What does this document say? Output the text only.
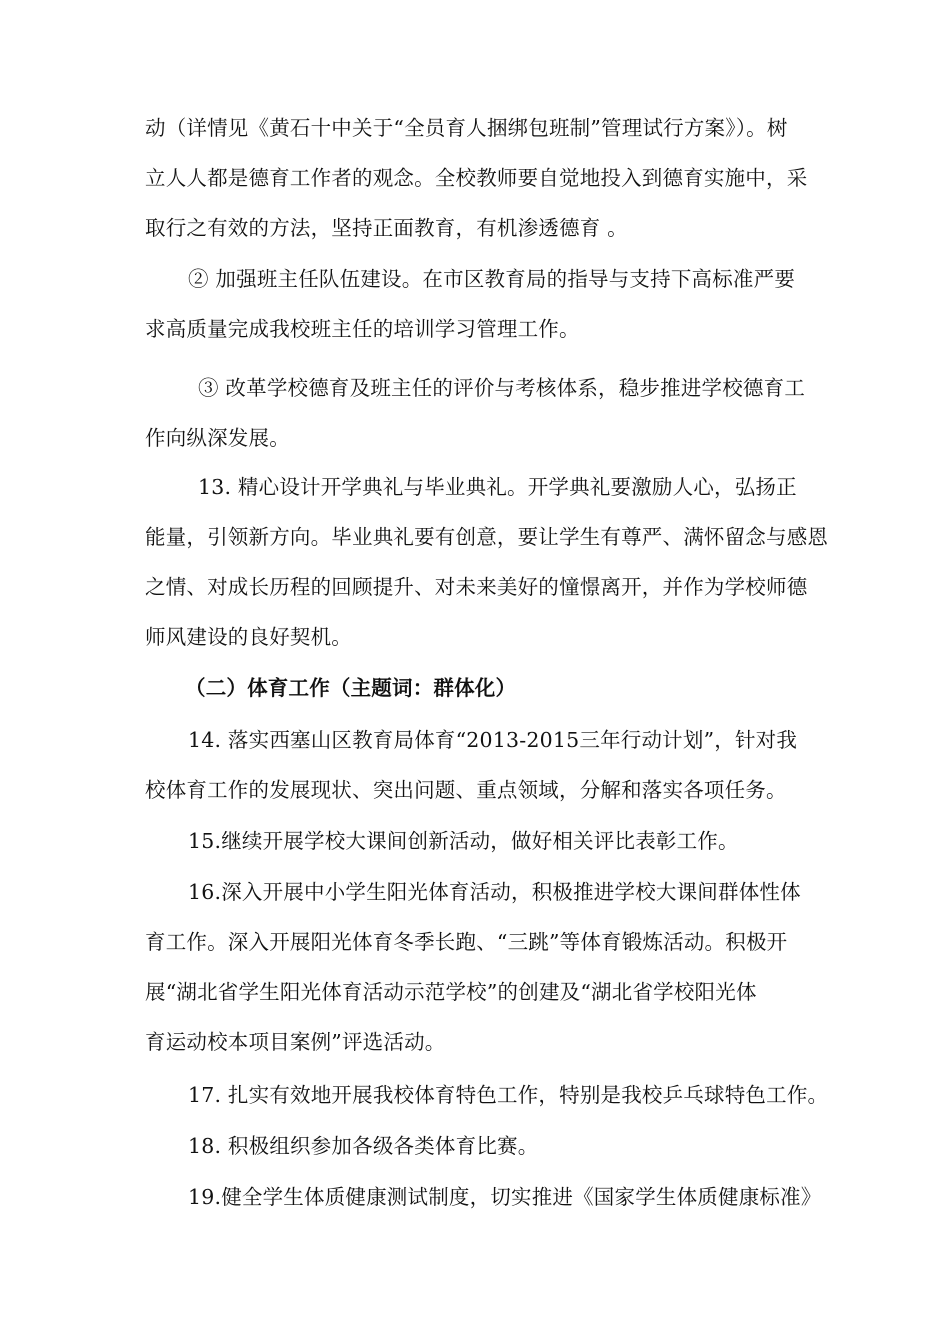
动（详情见《黄石十中关于“全员育人捆绑包班制”管理试行方案》）。树
立人人都是德育工作者的观念。全校教师要自觉地投入到德育实施中，采
取行之有效的方法，坚持正面教育，有机渗透德育 。
② 加强班主任队伍建设。在市区教育局的指导与支持下高标准严要
求高质量完成我校班主任的培训学习管理工作。
③ 改革学校德育及班主任的评价与考核体系，稳步推进学校德育工
作向纵深发展。
13. 精心设计开学典礼与毕业典礼。开学典礼要激励人心，弘扬正
能量，引领新方向。毕业典礼要有创意，要让学生有尊严、满怀留念与感恩
之情、对成长历程的回顾提升、对未来美好的憧憬离开，并作为学校师德
师风建设的良好契机。
（二）体育工作（主题词：群体化）
14. 落实西塞山区教育局体育“2013-2015三年行动计划”，针对我
校体育工作的发展现状、突出问题、重点领域，分解和落实各项任务。
15.继续开展学校大课间创新活动，做好相关评比表彰工作。
16.深入开展中小学生阳光体育活动，积极推进学校大课间群体性体
育工作。深入开展阳光体育冬季长跑、“三跳”等体育锻炼活动。积极开
展“湖北省学生阳光体育活动示范学校”的创建及“湖北省学校阳光体
育运动校本项目案例”评选活动。
17. 扎实有效地开展我校体育特色工作，特别是我校乒乓球特色工作。
18. 积极组织参加各级各类体育比赛。
19.健全学生体质健康测试制度，切实推进《国家学生体质健康标准》
